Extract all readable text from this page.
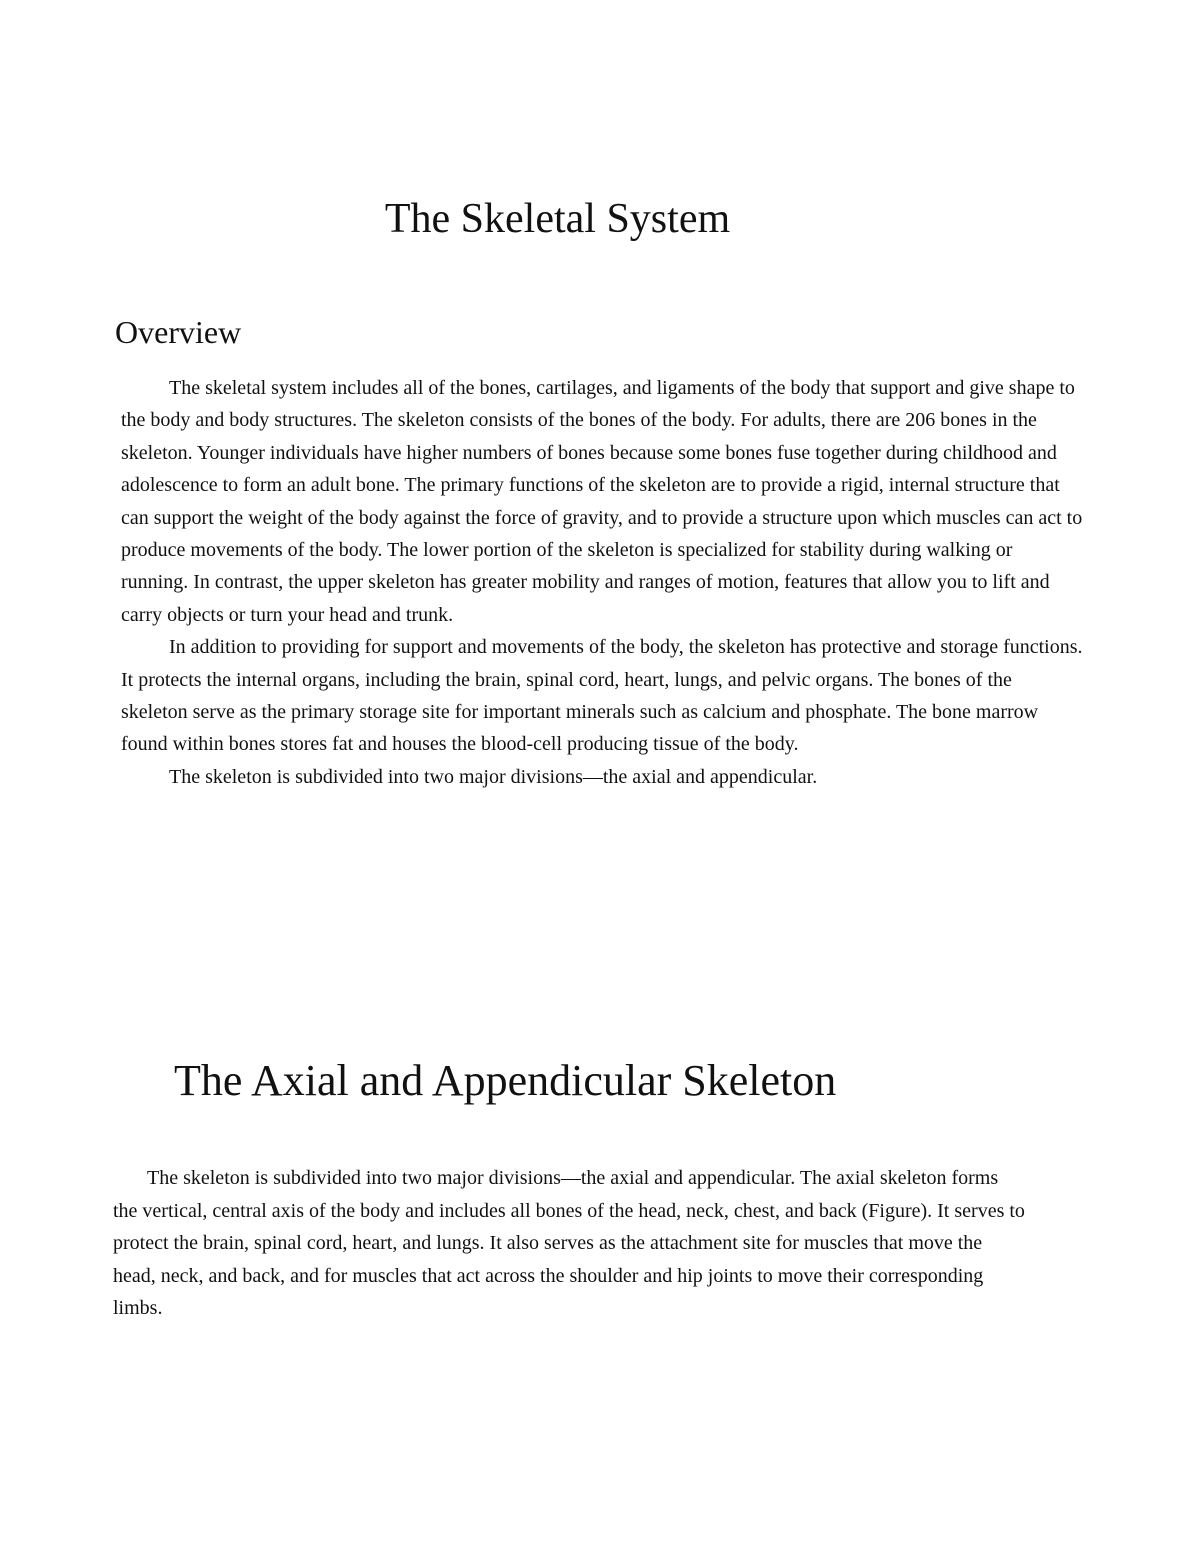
The Skeletal System
Overview

The skeletal system includes all of the bones, cartilages, and ligaments of the body that support and give shape to the body and body structures. The skeleton consists of the bones of the body. For adults, there are 206 bones in the skeleton. Younger individuals have higher numbers of bones because some bones fuse together during childhood and adolescence to form an adult bone. The primary functions of the skeleton are to provide a rigid, internal structure that can support the weight of the body against the force of gravity, and to provide a structure upon which muscles can act to produce movements of the body. The lower portion of the skeleton is specialized for stability during walking or running. In contrast, the upper skeleton has greater mobility and ranges of motion, features that allow you to lift and carry objects or turn your head and trunk.

In addition to providing for support and movements of the body, the skeleton has protective and storage functions. It protects the internal organs, including the brain, spinal cord, heart, lungs, and pelvic organs. The bones of the skeleton serve as the primary storage site for important minerals such as calcium and phosphate. The bone marrow found within bones stores fat and houses the blood-cell producing tissue of the body.

The skeleton is subdivided into two major divisions—the axial and appendicular.

The Axial and Appendicular Skeleton

The skeleton is subdivided into two major divisions—the axial and appendicular. The axial skeleton forms the vertical, central axis of the body and includes all bones of the head, neck, chest, and back (Figure). It serves to protect the brain, spinal cord, heart, and lungs. It also serves as the attachment site for muscles that move the head, neck, and back, and for muscles that act across the shoulder and hip joints to move their corresponding limbs.
